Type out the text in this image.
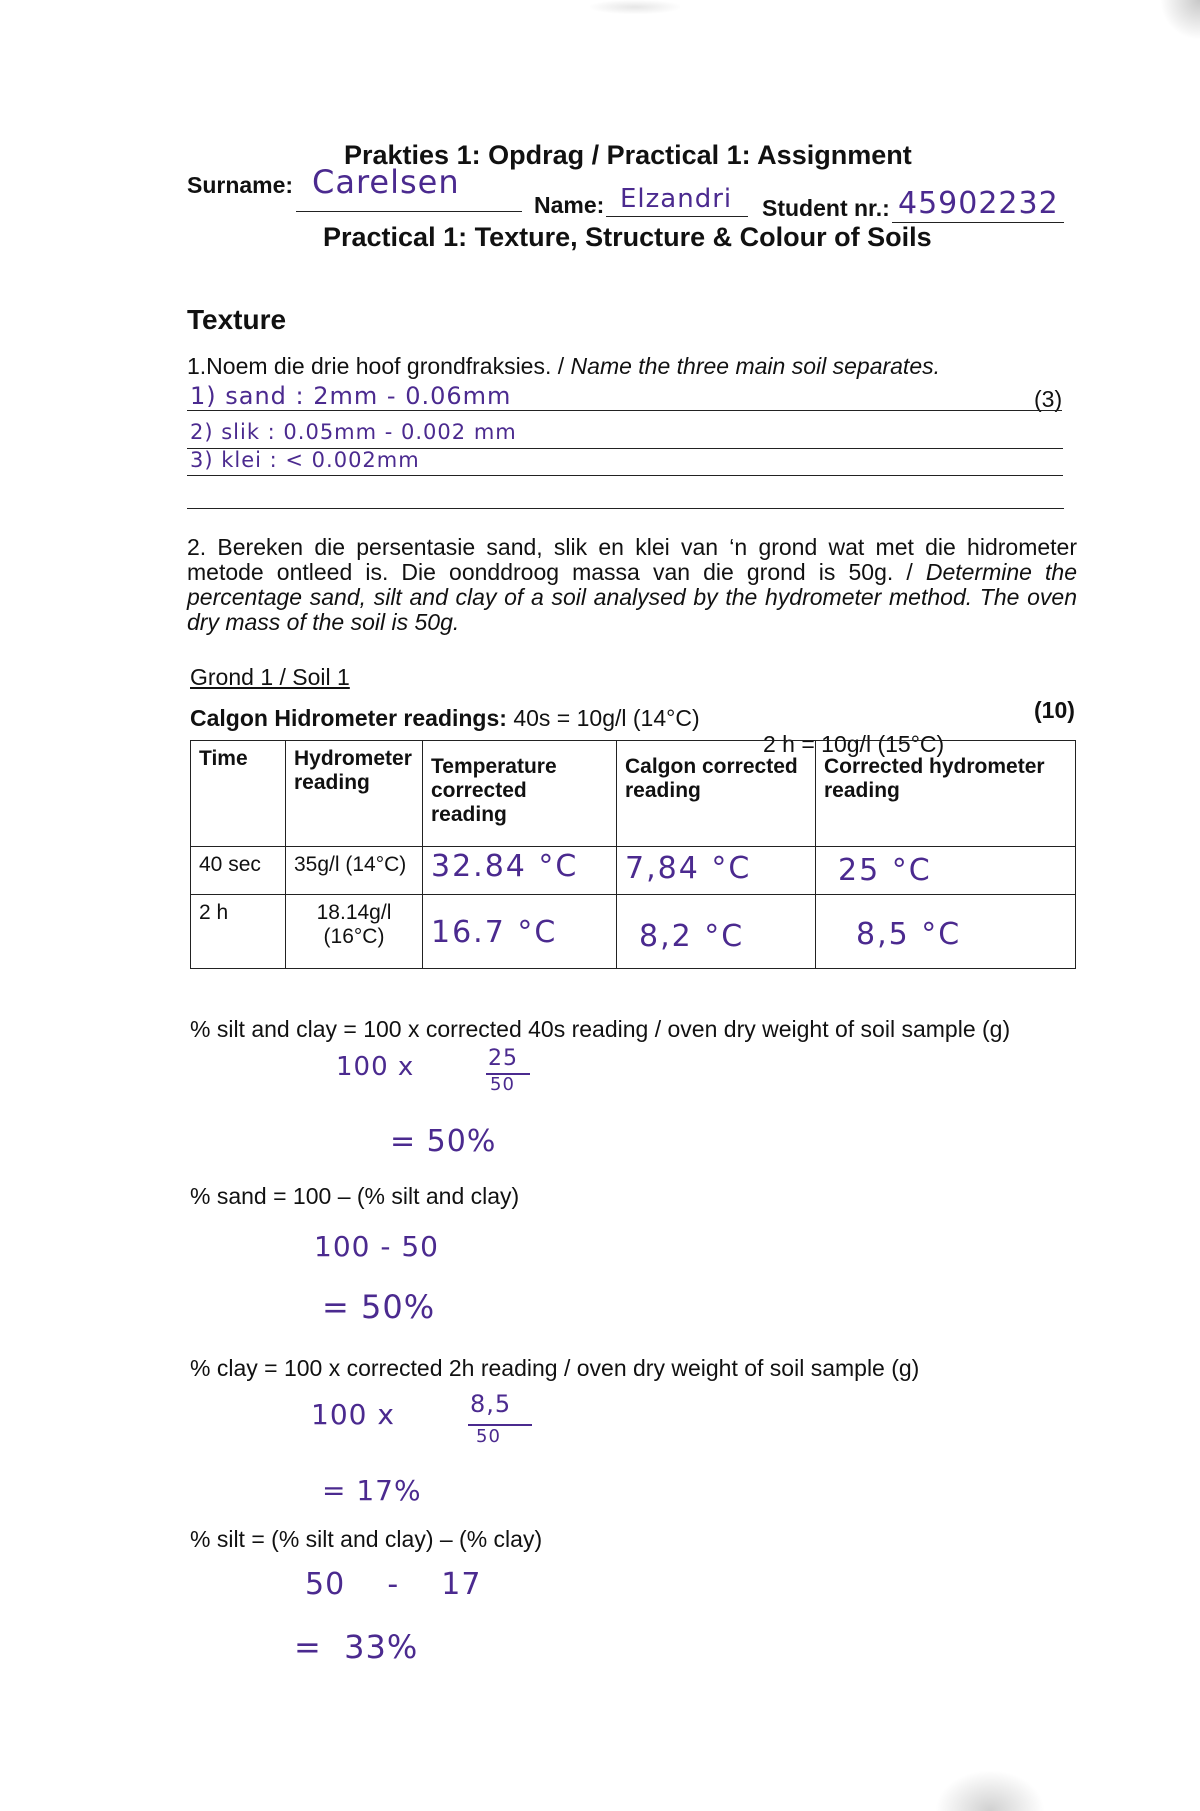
Prakties 1: Opdrag / Practical 1: Assignment
Surname: Carelsen
Name: Elzandri Student nr.: 45902232
Practical 1: Texture, Structure & Colour of Soils
Texture
1.Noem die drie hoof grondfraksies. / Name the three main soil separates.
(3)
1) sand : 2mm - 0.06mm
2) slik : 0.05mm - 0.002 mm
3) klei : < 0.002mm
2. Bereken die persentasie sand, slik en klei van ‘n grond wat met die hidrometer metode ontleed is. Die oonddroog massa van die grond is 50g. / Determine the percentage sand, silt and clay of a soil analysed by the hydrometer method. The oven dry mass of the soil is 50g.
Grond 1 / Soil 1
(10)
Calgon Hidrometer readings: 40s = 10g/l (14°C)
2 h = 10g/l (15°C)
Time	Hydrometer reading	Temperature corrected reading	Calgon corrected reading	Corrected hydrometer reading
40 sec	35g/l (14°C)	32.84 °C	7,84 °C	25 °C
2 h	18.14g/l (16°C)	16.7 °C	8,2 °C	8,5 °C
% silt and clay = 100 x corrected 40s reading / oven dry weight of soil sample (g)
100 x	25
50
= 50%
% sand = 100 – (% silt and clay)
100 - 50
= 50%
% clay = 100 x corrected 2h reading / oven dry weight of soil sample (g)
100 x	8,5
50
= 17%
% silt = (% silt and clay) – (% clay)
50    -    17
=  33%
